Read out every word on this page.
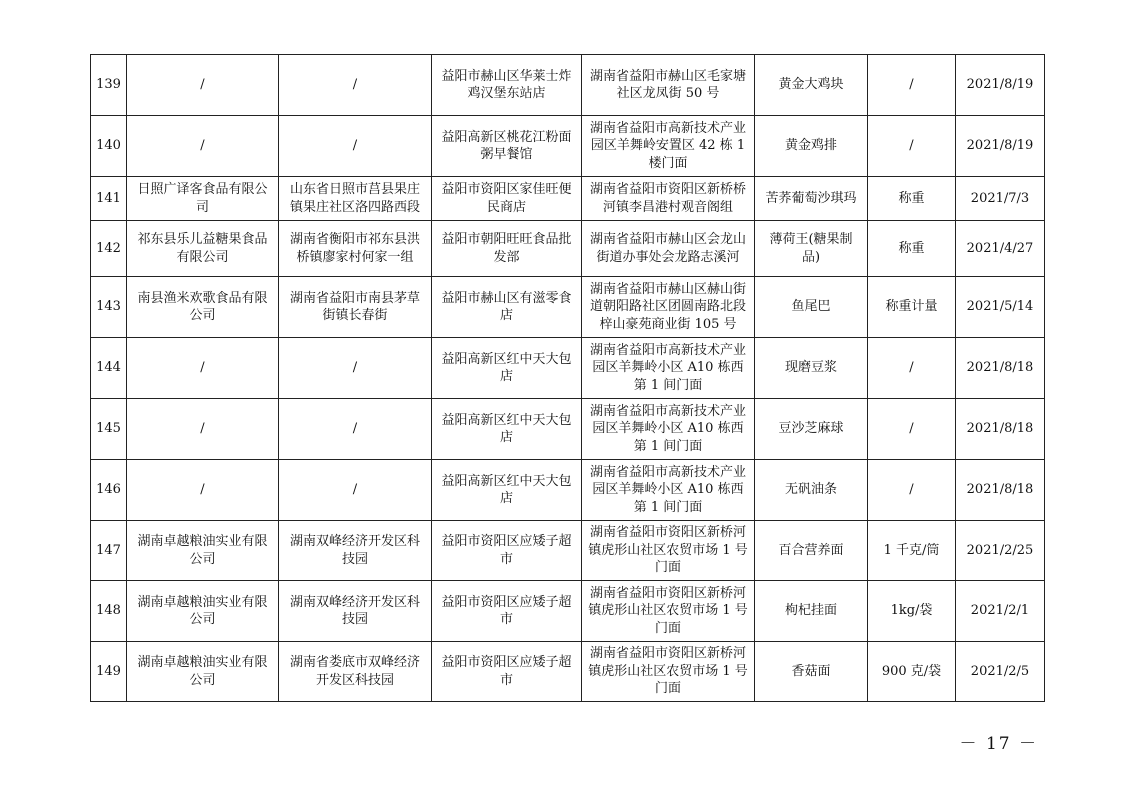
139	/	/	益阳市赫山区华莱士炸鸡汉堡东站店	湖南省益阳市赫山区毛家塘社区龙凤街 50 号	黄金大鸡块	/	2021/8/19
140	/	/	益阳高新区桃花江粉面粥早餐馆	湖南省益阳市高新技术产业园区羊舞岭安置区 42 栋 1 楼门面	黄金鸡排	/	2021/8/19
141	日照广译客食品有限公司	山东省日照市莒县果庄镇果庄社区洛四路西段	益阳市资阳区家佳旺便民商店	湖南省益阳市资阳区新桥桥河镇李昌港村观音阁组	苦荞葡萄沙琪玛	称重	2021/7/3
142	祁东县乐儿益糖果食品有限公司	湖南省衡阳市祁东县洪桥镇廖家村何家一组	益阳市朝阳旺旺食品批发部	湖南省益阳市赫山区会龙山街道办事处会龙路志溪河	薄荷王(糖果制品)	称重	2021/4/27
143	南县渔米欢歌食品有限公司	湖南省益阳市南县茅草街镇长春街	益阳市赫山区有滋零食店	湖南省益阳市赫山区赫山街道朝阳路社区团圆南路北段梓山豪苑商业街 105 号	鱼尾巴	称重计量	2021/5/14
144	/	/	益阳高新区红中天大包店	湖南省益阳市高新技术产业园区羊舞岭小区 A10 栋西第 1 间门面	现磨豆浆	/	2021/8/18
145	/	/	益阳高新区红中天大包店	湖南省益阳市高新技术产业园区羊舞岭小区 A10 栋西第 1 间门面	豆沙芝麻球	/	2021/8/18
146	/	/	益阳高新区红中天大包店	湖南省益阳市高新技术产业园区羊舞岭小区 A10 栋西第 1 间门面	无矾油条	/	2021/8/18
147	湖南卓越粮油实业有限公司	湖南双峰经济开发区科技园	益阳市资阳区应矮子超市	湖南省益阳市资阳区新桥河镇虎形山社区农贸市场 1 号门面	百合营养面	1 千克/筒	2021/2/25
148	湖南卓越粮油实业有限公司	湖南双峰经济开发区科技园	益阳市资阳区应矮子超市	湖南省益阳市资阳区新桥河镇虎形山社区农贸市场 1 号门面	枸杞挂面	1kg/袋	2021/2/1
149	湖南卓越粮油实业有限公司	湖南省娄底市双峰经济开发区科技园	益阳市资阳区应矮子超市	湖南省益阳市资阳区新桥河镇虎形山社区农贸市场 1 号门面	香菇面	900 克/袋	2021/2/5
－ 17 －
